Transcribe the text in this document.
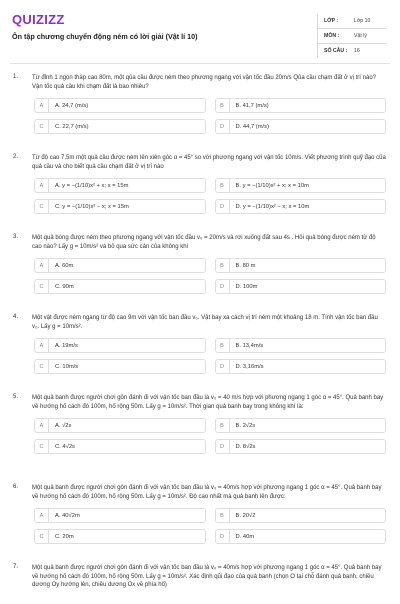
QUIZIZZ
Ôn tập chương chuyển động ném có lời giải (Vật lí 10)
LỚP :	Lớp 10
MÔN :	Vật lý
SỐ CÂU :	16
1. Từ đỉnh 1 ngọn tháp cao 80m, một qủa cầu được ném theo phương ngang với vận tốc đầu 20m/s Qủa cầu chạm đất ở vị trí nào? Vận tốc quả cầu khi chạm đất là bao nhiêu?
A	A. 24,7 (m/s)	B	B. 41,7 (m/s)
C	C. 22,7 (m/s)	D	D. 44,7 (m/s)
2. Từ độ cao 7,5m một quả cầu được ném lên xiên góc α = 45° so với phương ngang với vận tốc 10m/s. Viết phương trình quỹ đạo của quả cầu và cho biết quả cầu chạm đất ở vị trí nào
A	A. y = −(1/10)x² + x; x = 15m	B	B. y = −(1/10)x² + x; x = 10m
C	C. y = −(1/10)x² − x; x = 15m	D	D. y = −(1/10)x² − x; x = 10m
3. Một quả bóng được ném theo phương ngang với vận tốc đầu v₀ = 20m/s và rơi xuống đất sau 4s . Hỏi quả bóng được ném từ độ cao nào? Lấy g = 10m/s² và bỏ qua sức cản của không khí
A	A. 60m	B	B. 80 m
C	C. 90m	D	D. 100m
4. Một vật được ném ngang từ độ cao 9m với vận tốc ban đầu v₀. Vật bay xa cách vị trí ném một khoảng 18 m. Tính vận tốc ban đầu v₀. Lấy g = 10m/s².
A	A. 19m/s	B	B. 13,4m/s
C	C. 10m/s	D	D. 3,16m/s
5. Một quả banh được người chơi gôn đánh đi với vận tốc ban đầu là v₀ = 40 m/s hợp với phương ngang 1 góc α = 45°. Quả banh bay về hướng hố cách đó 100m, hố rộng 50m. Lấy g = 10m/s². Thời gian quả banh bay trong không khí là:
A	A. √2s	B	B. 2√2s
C	C. 4√2s	D	D. 8√2s
6. Một quả banh được người chơi gôn đánh đi với vận tốc ban đầu là v₀ = 40m/s hợp với phương ngang 1 góc α = 45°. Quả banh bay về hướng hố cách đó 100m, hố rộng 50m. Lấy g = 10m/s². Độ cao nhất mà quả banh lên được:
A	A. 40√2m	B	B. 20√2
C	C. 20m	D	D. 40m
7. Một quả banh được người chơi gôn đánh đi với vận tốc ban đầu là v₀ = 40m/s hợp với phương ngang 1 góc α = 45°. Quả banh bay về hướng hố cách đó 100m, hố rộng 50m. Lấy g = 10m/s². Xác định qũi đạo của quả banh (chọn O tại chỗ đánh quả banh, chiều dương Oy hướng lên, chiều dương Ox về phía hố)
